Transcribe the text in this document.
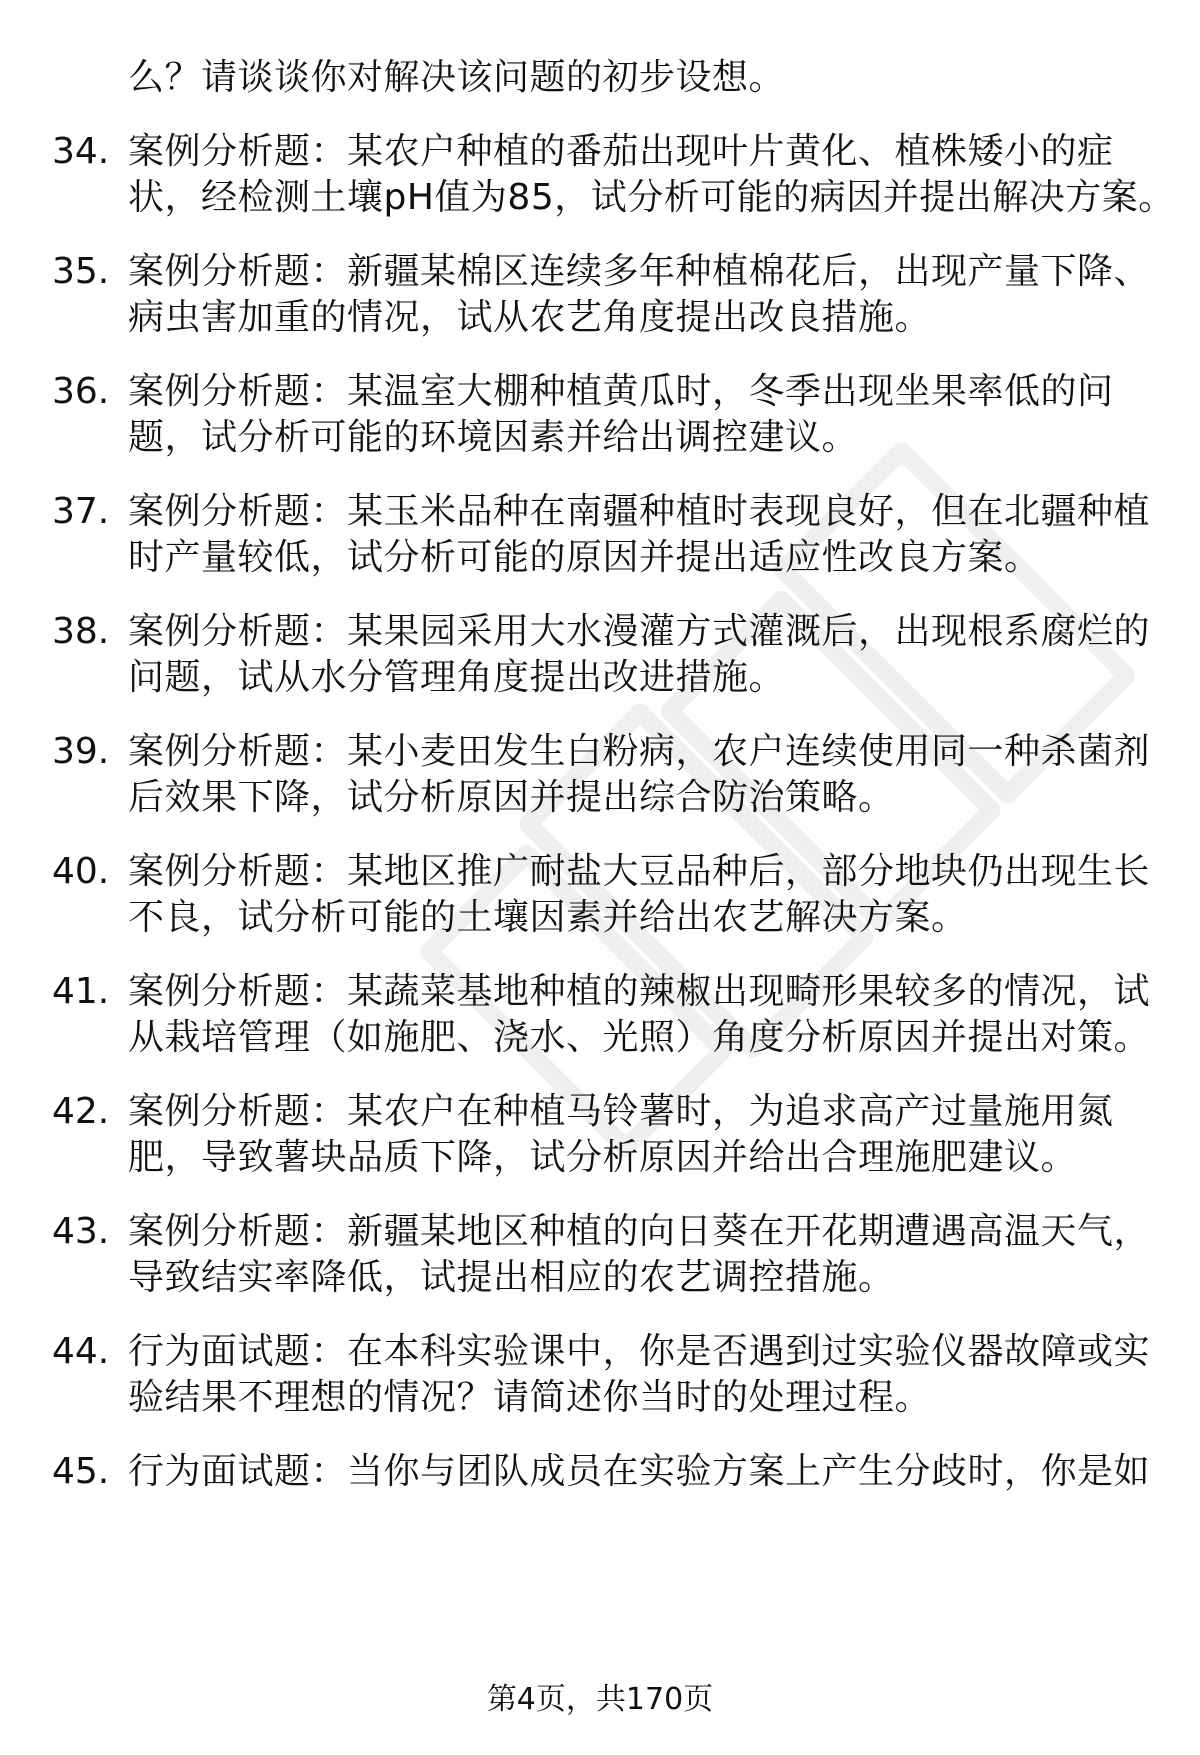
么？请谈谈你对解决该问题的初步设想。
34. 案例分析题：某农户种植的番茄出现叶片黄化、植株矮小的症
状，经检测土壤pH值为85，试分析可能的病因并提出解决方案。
35. 案例分析题：新疆某棉区连续多年种植棉花后，出现产量下降、
病虫害加重的情况，试从农艺角度提出改良措施。
36. 案例分析题：某温室大棚种植黄瓜时，冬季出现坐果率低的问
题，试分析可能的环境因素并给出调控建议。
37. 案例分析题：某玉米品种在南疆种植时表现良好，但在北疆种植
时产量较低，试分析可能的原因并提出适应性改良方案。
38. 案例分析题：某果园采用大水漫灌方式灌溉后，出现根系腐烂的
问题，试从水分管理角度提出改进措施。
39. 案例分析题：某小麦田发生白粉病，农户连续使用同一种杀菌剂
后效果下降，试分析原因并提出综合防治策略。
40. 案例分析题：某地区推广耐盐大豆品种后，部分地块仍出现生长
不良，试分析可能的土壤因素并给出农艺解决方案。
41. 案例分析题：某蔬菜基地种植的辣椒出现畸形果较多的情况，试
从栽培管理（如施肥、浇水、光照）角度分析原因并提出对策。
42. 案例分析题：某农户在种植马铃薯时，为追求高产过量施用氮
肥，导致薯块品质下降，试分析原因并给出合理施肥建议。
43. 案例分析题：新疆某地区种植的向日葵在开花期遭遇高温天气，
导致结实率降低，试提出相应的农艺调控措施。
44. 行为面试题：在本科实验课中，你是否遇到过实验仪器故障或实
验结果不理想的情况？请简述你当时的处理过程。
45. 行为面试题：当你与团队成员在实验方案上产生分歧时，你是如
第4页，共170页
